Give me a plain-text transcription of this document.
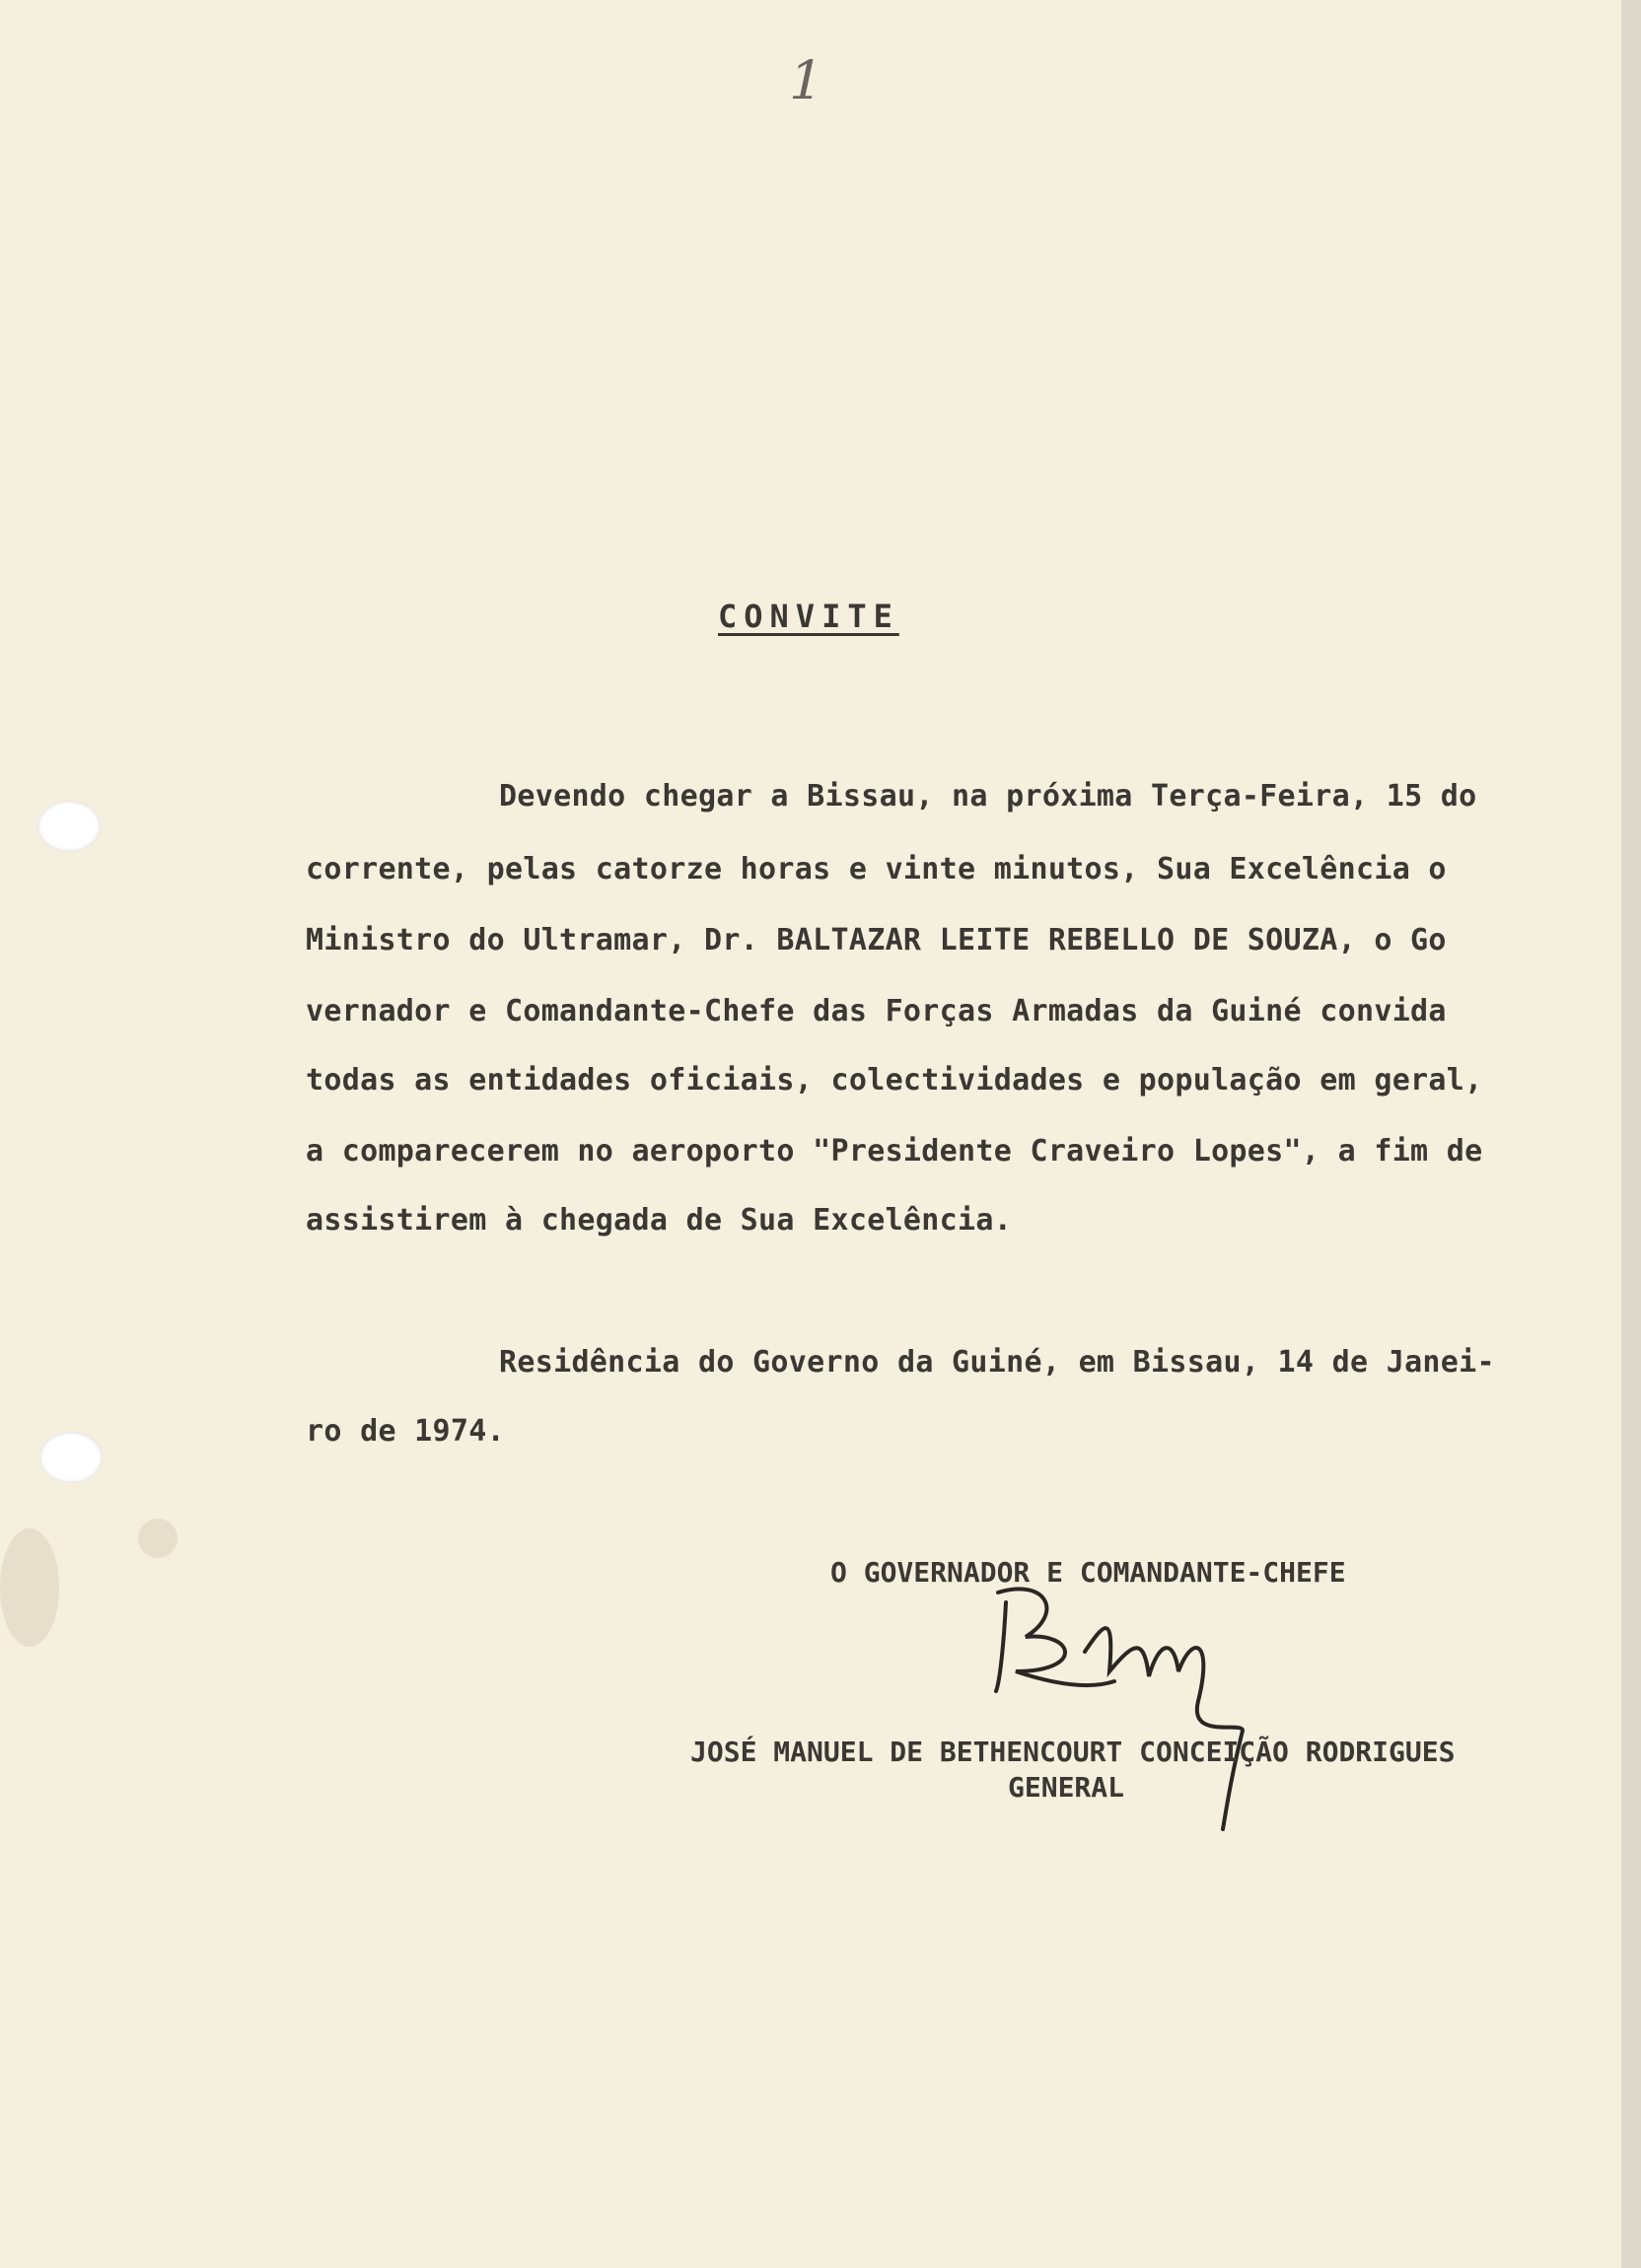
1
CONVITE
Devendo chegar a Bissau, na próxima Terça-Feira, 15 do
corrente, pelas catorze horas e vinte minutos, Sua Excelência o
Ministro do Ultramar, Dr. BALTAZAR LEITE REBELLO DE SOUZA, o Go
vernador e Comandante-Chefe das Forças Armadas da Guiné convida
todas as entidades oficiais, colectividades e população em geral,
a comparecerem no aeroporto "Presidente Craveiro Lopes", a fim de
assistirem à chegada de Sua Excelência.
Residência do Governo da Guiné, em Bissau, 14 de Janei-
ro de 1974.
O GOVERNADOR E COMANDANTE-CHEFE
JOSÉ MANUEL DE BETHENCOURT CONCEIÇÃO RODRIGUES
GENERAL
